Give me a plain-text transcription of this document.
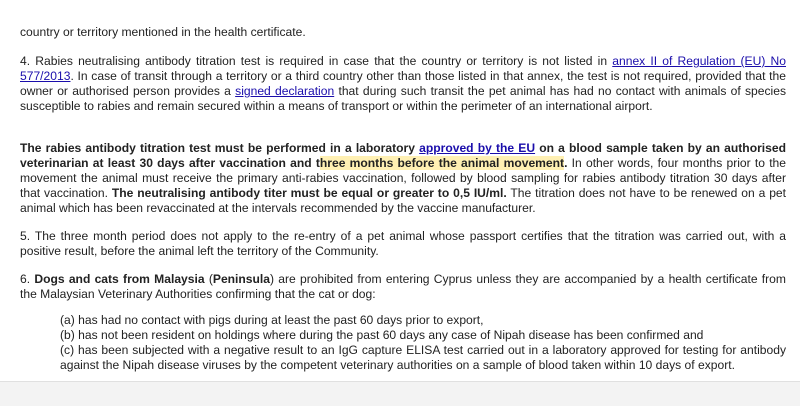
country or territory mentioned in the health certificate.

4. Rabies neutralising antibody titration test is required in case that the country or territory is not listed in annex II of Regulation (EU) No 577/2013. In case of transit through a territory or a third country other than those listed in that annex, the test is not required, provided that the owner or authorised person provides a signed declaration that during such transit the pet animal has had no contact with animals of species susceptible to rabies and remain secured within a means of transport or within the perimeter of an international airport.

The rabies antibody titration test must be performed in a laboratory approved by the EU on a blood sample taken by an authorised veterinarian at least 30 days after vaccination and three months before the animal movement. In other words, four months prior to the movement the animal must receive the primary anti-rabies vaccination, followed by blood sampling for rabies antibody titration 30 days after that vaccination. The neutralising antibody titer must be equal or greater to 0,5 IU/ml. The titration does not have to be renewed on a pet animal which has been revaccinated at the intervals recommended by the vaccine manufacturer.

5. The three month period does not apply to the re-entry of a pet animal whose passport certifies that the titration was carried out, with a positive result, before the animal left the territory of the Community.

6. Dogs and cats from Malaysia (Peninsula) are prohibited from entering Cyprus unless they are accompanied by a health certificate from the Malaysian Veterinary Authorities confirming that the cat or dog:

(a) has had no contact with pigs during at least the past 60 days prior to export,
(b) has not been resident on holdings where during the past 60 days any case of Nipah disease has been confirmed and
(c) has been subjected with a negative result to an IgG capture ELISA test carried out in a laboratory approved for testing for antibody against the Nipah disease viruses by the competent veterinary authorities on a sample of blood taken within 10 days of export.
